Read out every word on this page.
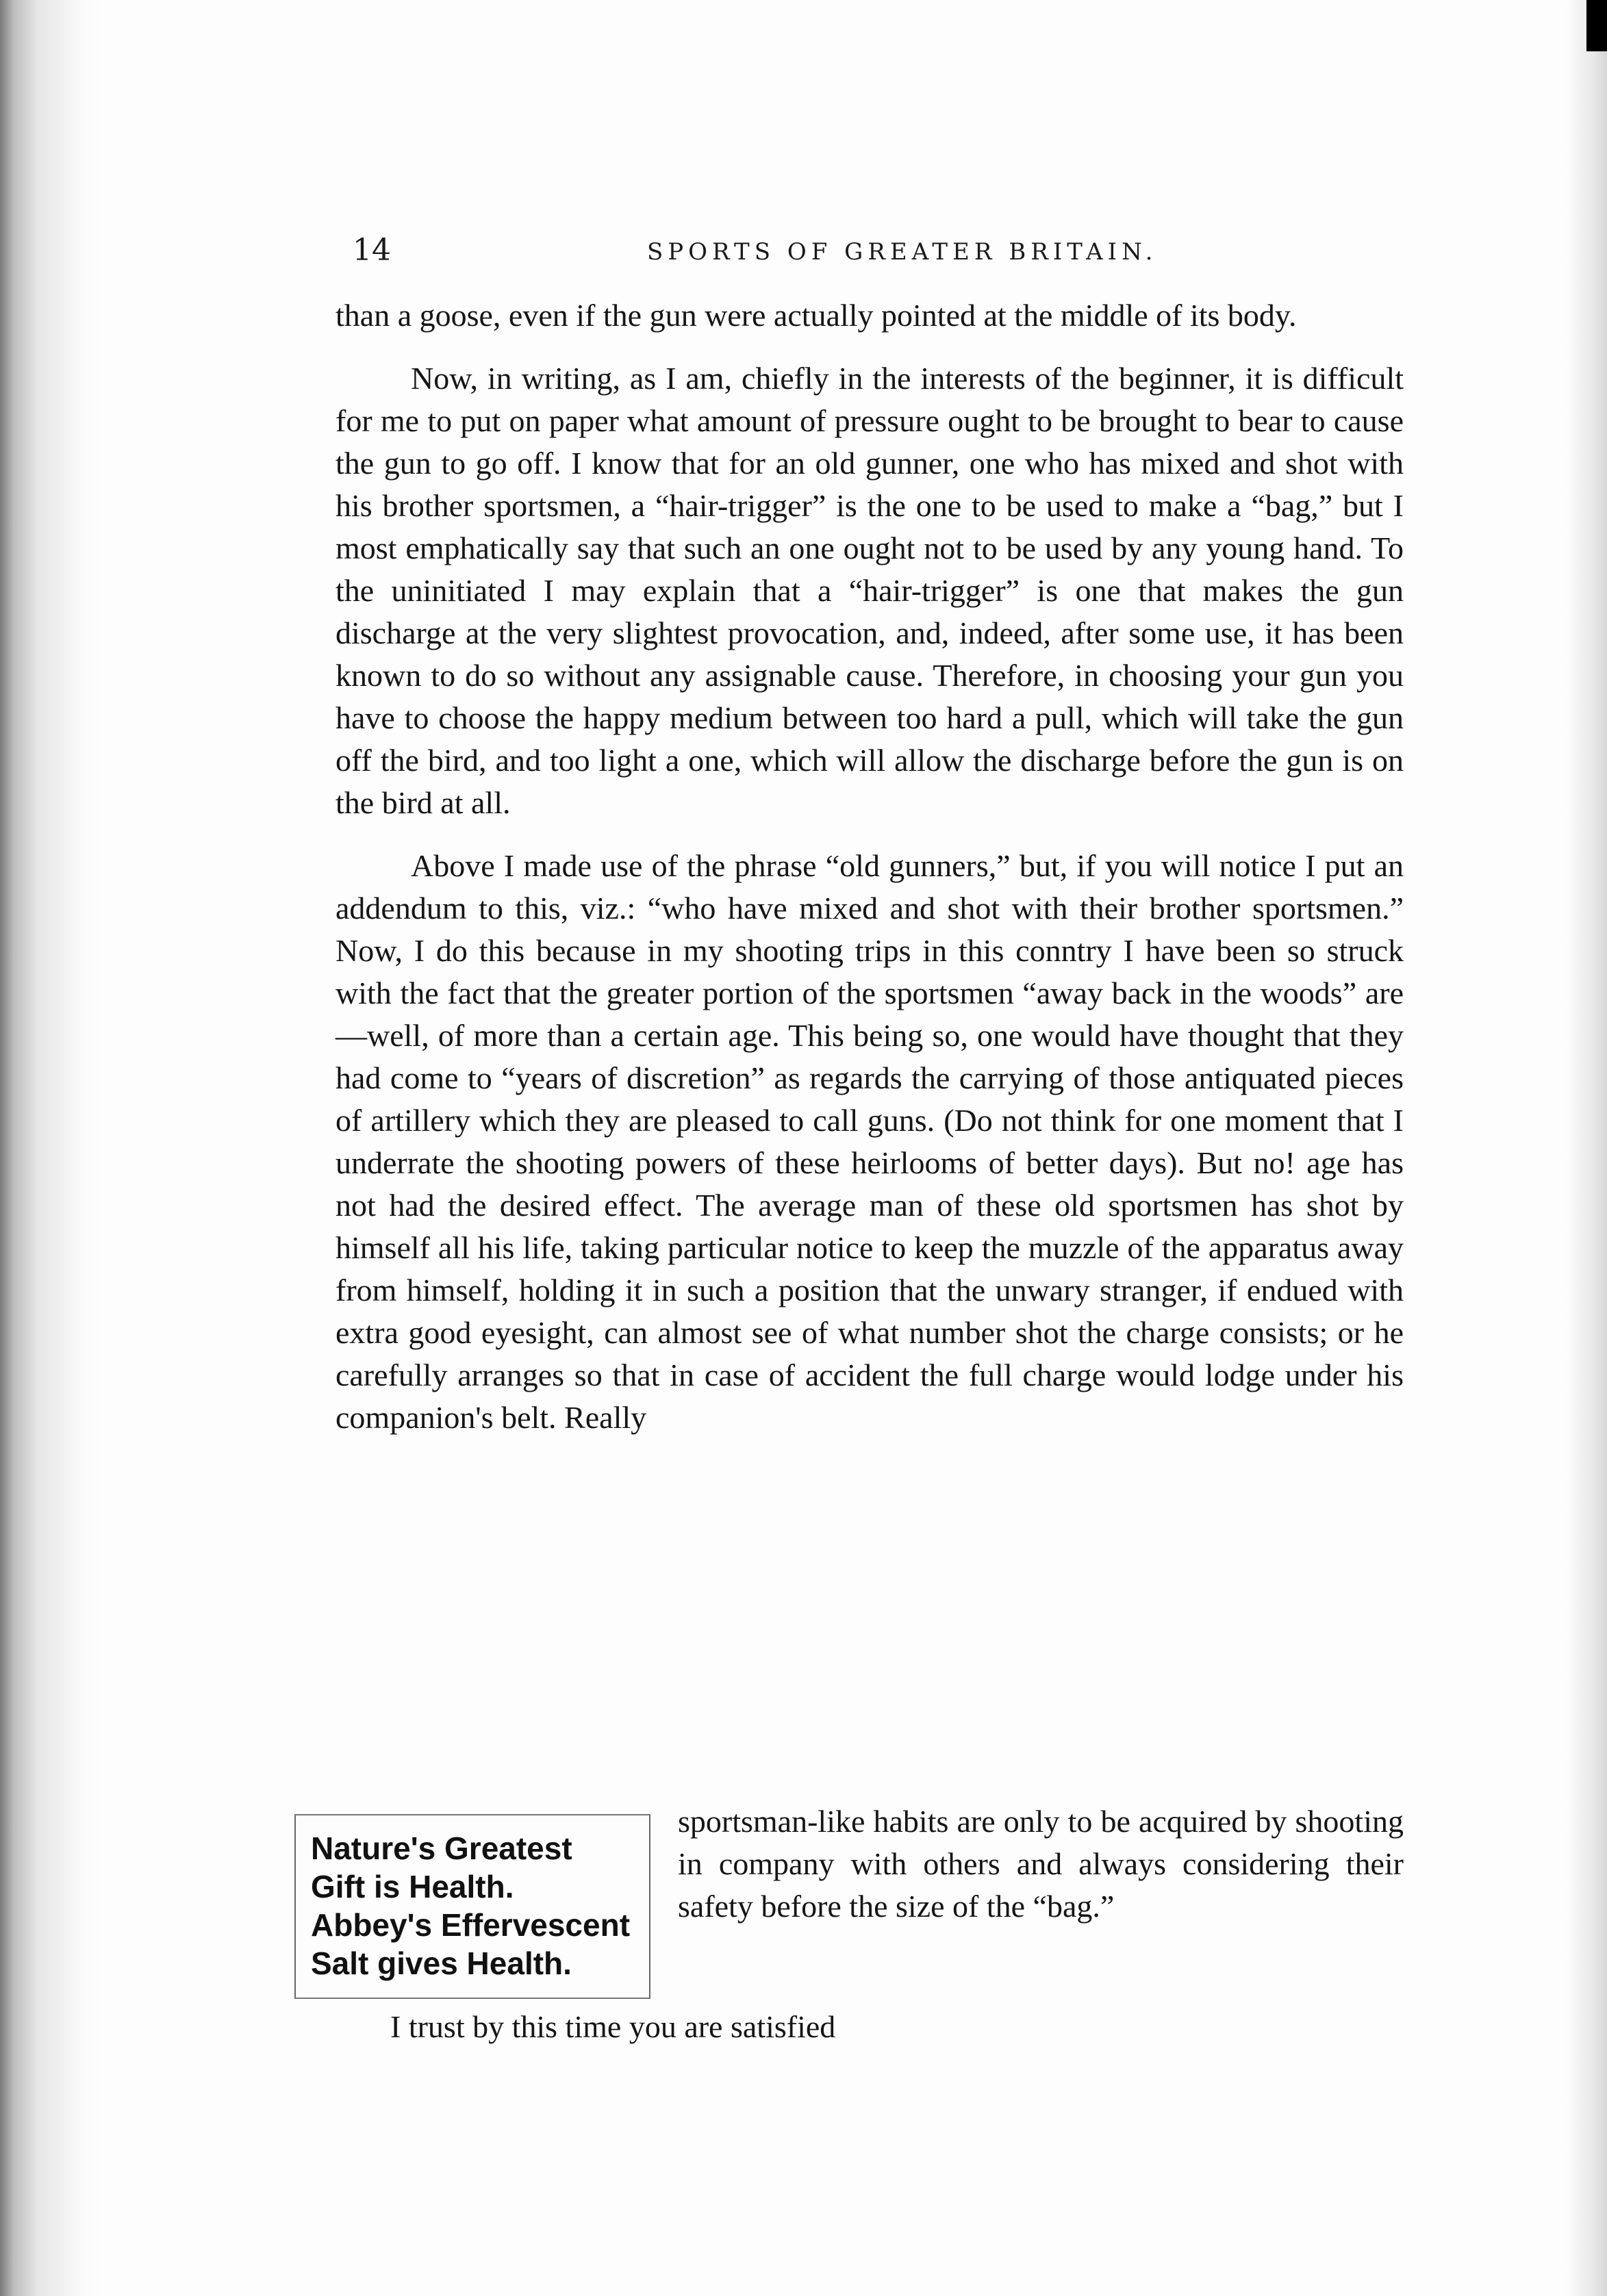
14	SPORTS OF GREATER BRITAIN.

than a goose, even if the gun were actually pointed at the middle of its body.

Now, in writing, as I am, chiefly in the interests of the beginner, it is difficult for me to put on paper what amount of pressure ought to be brought to bear to cause the gun to go off. I know that for an old gunner, one who has mixed and shot with his brother sportsmen, a “hair-trigger” is the one to be used to make a “bag,” but I most emphatically say that such an one ought not to be used by any young hand. To the uninitiated I may explain that a “hair-trigger” is one that makes the gun discharge at the very slightest provocation, and, indeed, after some use, it has been known to do so without any assignable cause. Therefore, in choosing your gun you have to choose the happy medium between too hard a pull, which will take the gun off the bird, and too light a one, which will allow the discharge before the gun is on the bird at all.

Above I made use of the phrase “old gunners,” but, if you will notice I put an addendum to this, viz.: “who have mixed and shot with their brother sportsmen.” Now, I do this because in my shooting trips in this conntry I have been so struck with the fact that the greater portion of the sportsmen “away back in the woods” are—well, of more than a certain age. This being so, one would have thought that they had come to “years of discretion” as regards the carrying of those antiquated pieces of artillery which they are pleased to call guns. (Do not think for one moment that I underrate the shooting powers of these heirlooms of better days). But no! age has not had the desired effect. The average man of these old sportsmen has shot by himself all his life, taking particular notice to keep the muzzle of the apparatus away from himself, holding it in such a position that the unwary stranger, if endued with extra good eyesight, can almost see of what number shot the charge consists; or he carefully arranges so that in case of accident the full charge would lodge under his companion's belt. Really

Nature's Greatest
Gift is Health.
Abbey's Effervescent
Salt gives Health.

sportsman-like habits are only to be acquired by shooting in company with others and always considering their safety before the size of the “bag.”

I trust by this time you are satisfied
